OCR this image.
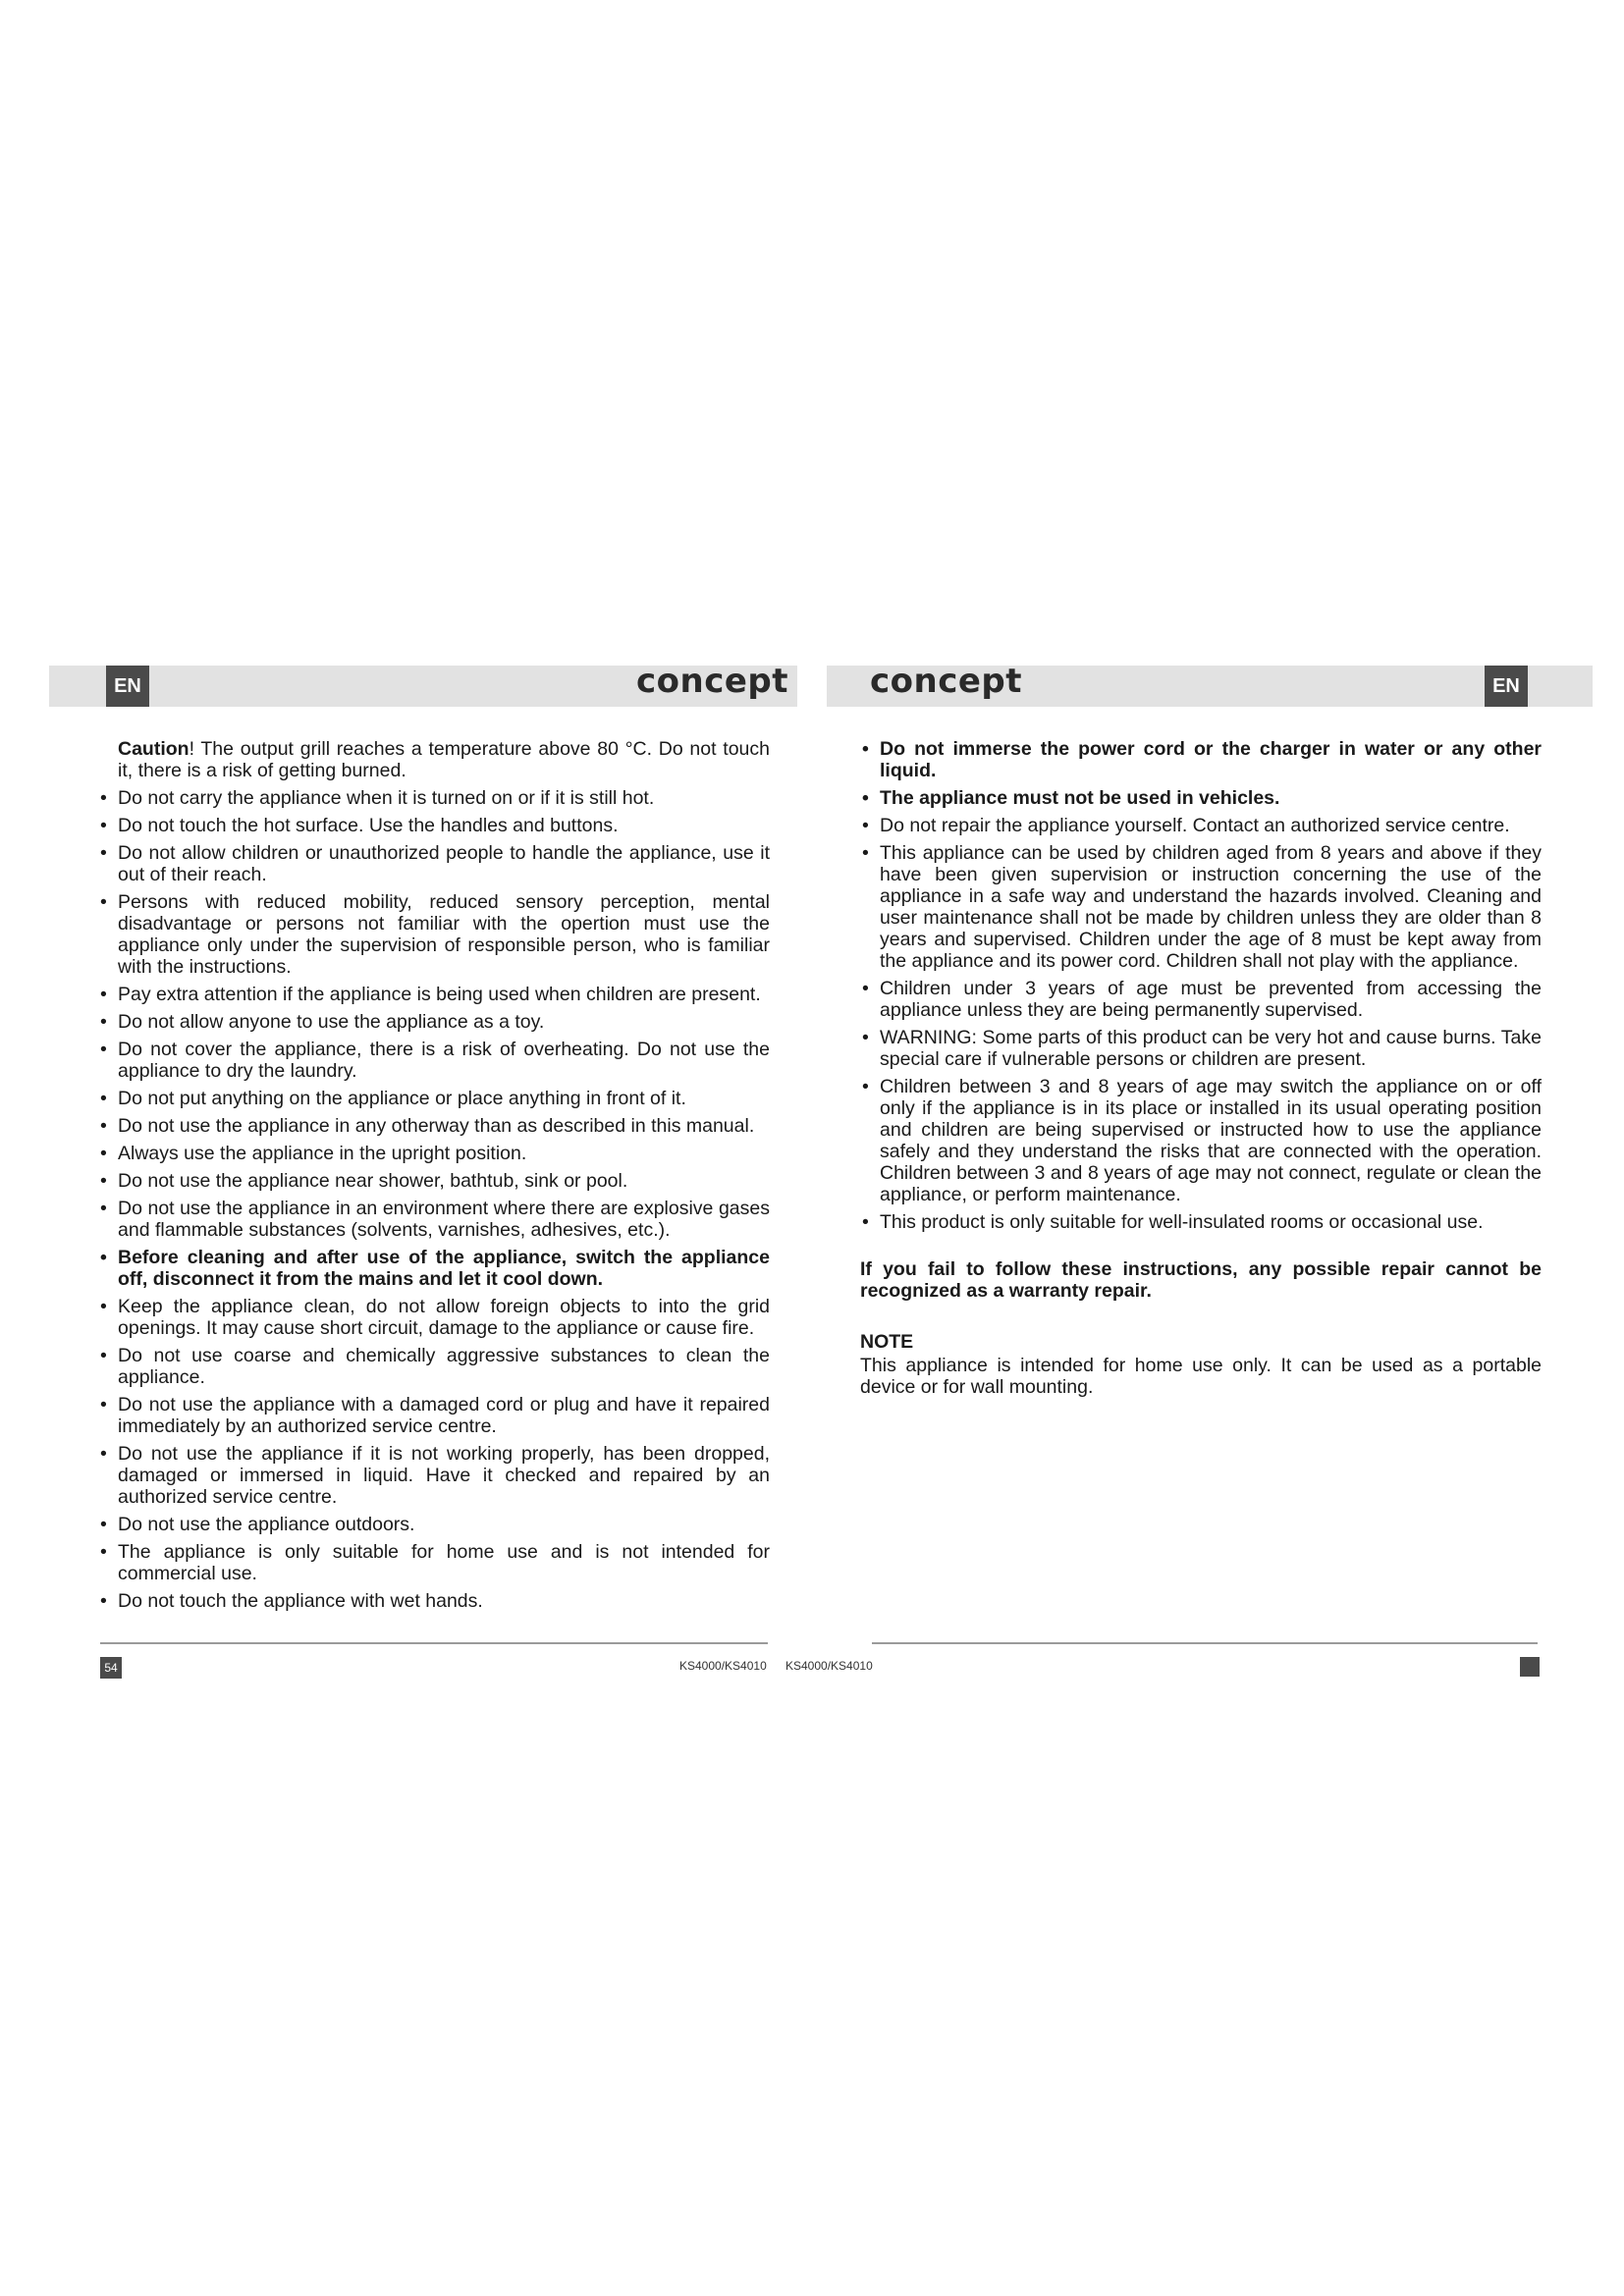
EN	EN
concept concept
Caution! The output grill reaches a temperature above 80 °C. Do not touch it, there is a risk of getting burned.
• Do not carry the appliance when it is turned on or if it is still hot.
• Do not touch the hot surface. Use the handles and buttons.
• Do not allow children or unauthorized people to handle the appliance, use it out of their reach.
• Persons with reduced mobility, reduced sensory perception, mental disadvantage or persons not familiar with the opertion must use the appliance only under the supervision of responsible person, who is familiar with the instructions.
• Pay extra attention if the appliance is being used when children are present.
• Do not allow anyone to use the appliance as a toy.
• Do not cover the appliance, there is a risk of overheating. Do not use the appliance to dry the laundry.
• Do not put anything on the appliance or place anything in front of it.
• Do not use the appliance in any otherway than as described in this manual.
• Always use the appliance in the upright position.
• Do not use the appliance near shower, bathtub, sink or pool.
• Do not use the appliance in an environment where there are explosive gases and flammable substances (solvents, varnishes, adhesives, etc.).
• Before cleaning and after use of the appliance, switch the appliance off, disconnect it from the mains and let it cool down.
• Keep the appliance clean, do not allow foreign objects to into the grid openings. It may cause short circuit, damage to the appliance or cause fire.
• Do not use coarse and chemically aggressive substances to clean the appliance.
• Do not use the appliance with a damaged cord or plug and have it repaired immediately by an authorized service centre.
• Do not use the appliance if it is not working properly, has been dropped, damaged or immersed in liquid. Have it checked and repaired by an authorized service centre.
• Do not use the appliance outdoors.
• The appliance is only suitable for home use and is not intended for commercial use.
• Do not touch the appliance with wet hands.
• Do not immerse the power cord or the charger in water or any other liquid.
• The appliance must not be used in vehicles.
• Do not repair the appliance yourself. Contact an authorized service centre.
• This appliance can be used by children aged from 8 years and above if they have been given supervision or instruction concerning the use of the appliance in a safe way and understand the hazards involved. Cleaning and user maintenance shall not be made by children unless they are older than 8 years and supervised. Children under the age of 8 must be kept away from the appliance and its power cord. Children shall not play with the appliance.
• Children under 3 years of age must be prevented from accessing the appliance unless they are being permanently supervised.
• WARNING: Some parts of this product can be very hot and cause burns. Take special care if vulnerable persons or children are present.
• Children between 3 and 8 years of age may switch the appliance on or off only if the appliance is in its place or installed in its usual operating position and children are being supervised or instructed how to use the appliance safely and they understand the risks that are connected with the operation. Children between 3 and 8 years of age may not connect, regulate or clean the appliance, or perform maintenance.
• This product is only suitable for well-insulated rooms or occasional use.
If you fail to follow these instructions, any possible repair cannot be recognized as a warranty repair.
NOTE
This appliance is intended for home use only. It can be used as a portable device or for wall mounting.
54	KS4000/KS4010 KS4000/KS4010
